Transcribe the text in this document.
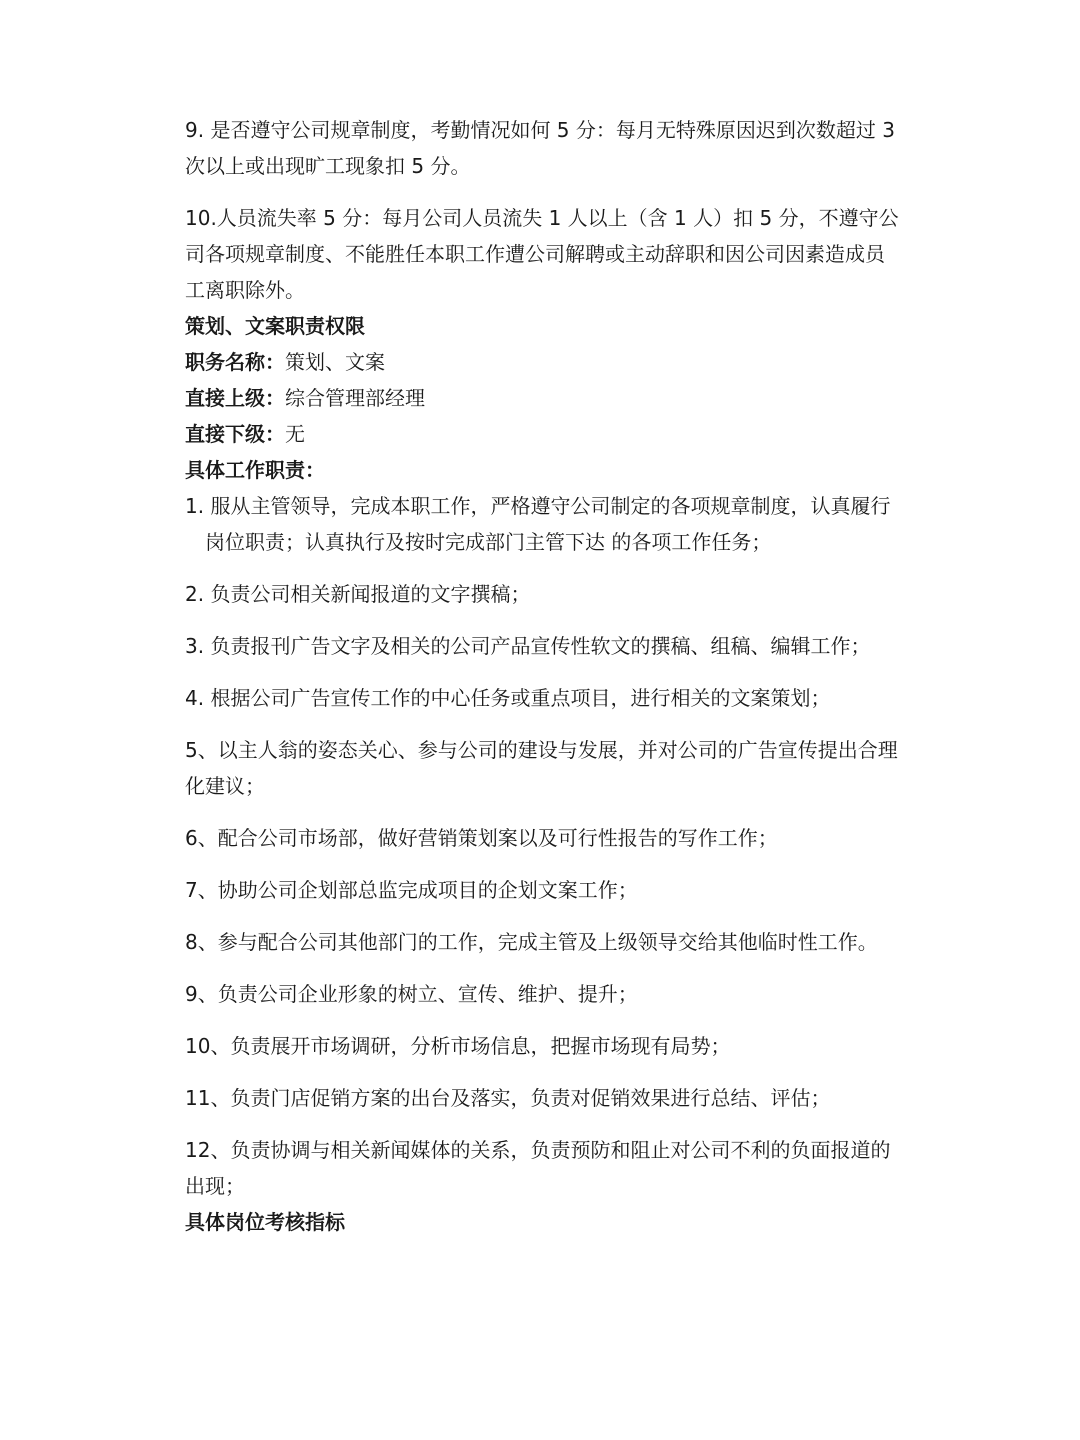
9. 是否遵守公司规章制度，考勤情况如何 5 分：每月无特殊原因迟到次数超过 3 次以上或出现旷工现象扣 5 分。

10.人员流失率 5 分：每月公司人员流失 1 人以上（含 1 人）扣 5 分，不遵守公司各项规章制度、不能胜任本职工作遭公司解聘或主动辞职和因公司因素造成员工离职除外。

策划、文案职责权限

职务名称：策划、文案

直接上级：综合管理部经理

直接下级：无

具体工作职责：

1. 服从主管领导，完成本职工作，严格遵守公司制定的各项规章制度，认真履行岗位职责；认真执行及按时完成部门主管下达 的各项工作任务；

2. 负责公司相关新闻报道的文字撰稿；

3. 负责报刊广告文字及相关的公司产品宣传性软文的撰稿、组稿、编辑工作；

4. 根据公司广告宣传工作的中心任务或重点项目，进行相关的文案策划；

5、以主人翁的姿态关心、参与公司的建设与发展，并对公司的广告宣传提出合理化建议；

6、配合公司市场部，做好营销策划案以及可行性报告的写作工作；

7、协助公司企划部总监完成项目的企划文案工作；

8、参与配合公司其他部门的工作，完成主管及上级领导交给其他临时性工作。

9、负责公司企业形象的树立、宣传、维护、提升；

10、负责展开市场调研，分析市场信息，把握市场现有局势；

11、负责门店促销方案的出台及落实，负责对促销效果进行总结、评估；

12、负责协调与相关新闻媒体的关系，负责预防和阻止对公司不利的负面报道的出现；

具体岗位考核指标
